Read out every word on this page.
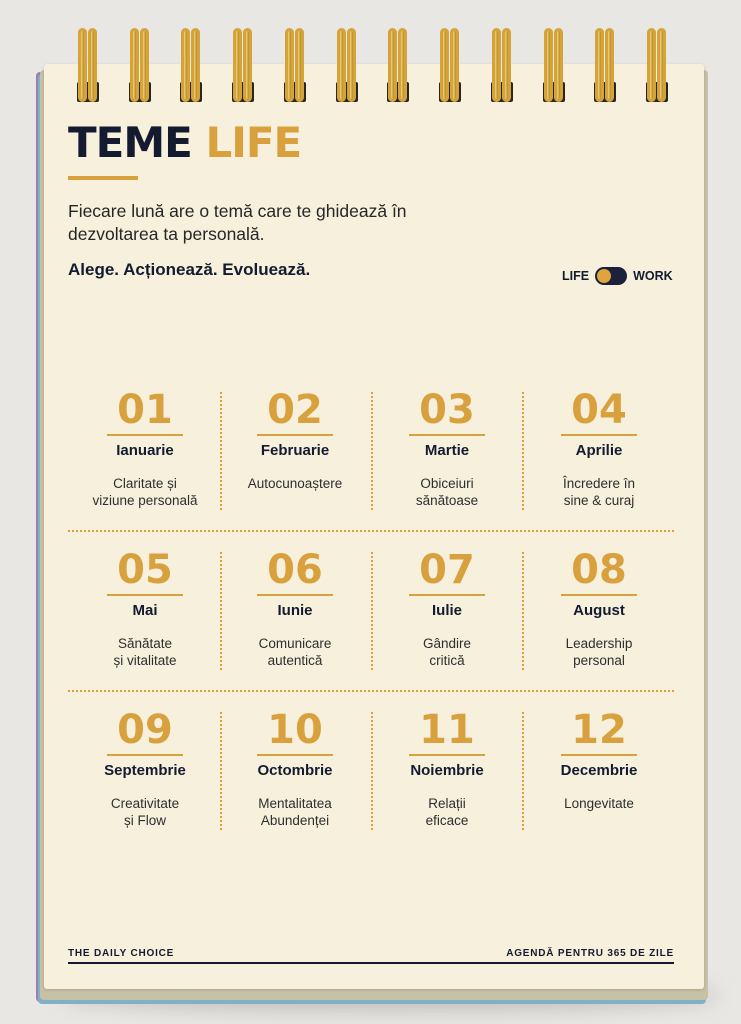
TEME LIFE

Fiecare lună are o temă care te ghidează în dezvoltarea ta personală.

Alege. Acționează. Evoluează.	LIFE	WORK
01
Ianuarie
Claritate și
viziune personală
02
Februarie
Autocunoaștere
03
Martie
Obiceiuri
sănătoase
04
Aprilie
Încredere în
sine & curaj
05
Mai
Sănătate
și vitalitate
06
Iunie
Comunicare
autentică
07
Iulie
Gândire
critică
08
August
Leadership
personal
09
Septembrie
Creativitate
și Flow
10
Octombrie
Mentalitatea
Abundenței
11
Noiembrie
Relații
eficace
12
Decembrie
Longevitate
THE DAILY CHOICE	AGENDĂ PENTRU 365 DE ZILE
